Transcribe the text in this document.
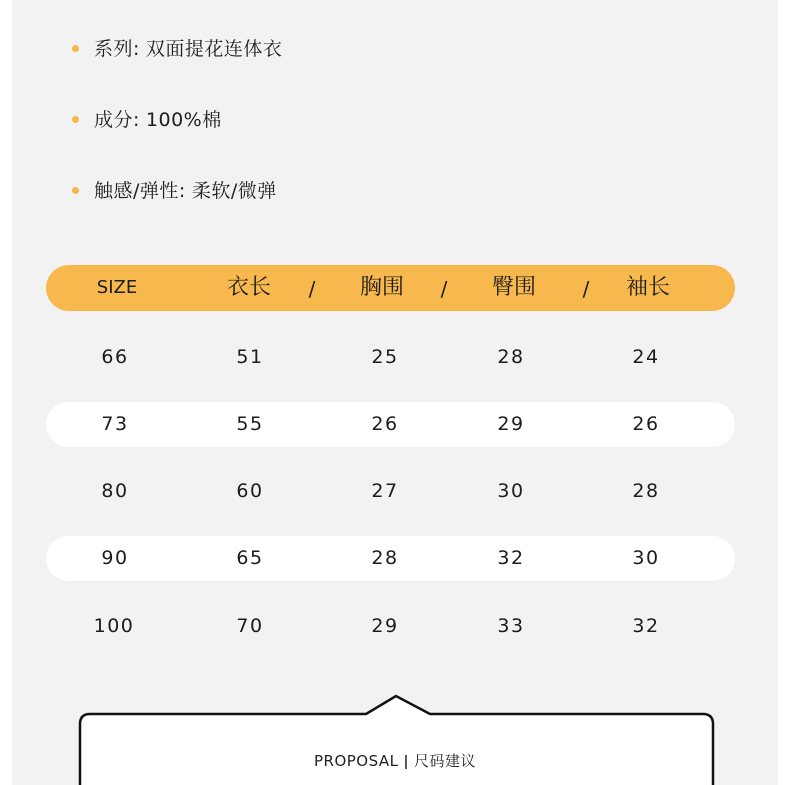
系列: 双面提花连体衣
成分: 100%棉
触感/弹性: 柔软/微弹
SIZE	衣长 / 胸围 / 臀围 / 袖长
66	51	25	28	24
73	55	26	29	26
80	60	27	30	28
90	65	28	32	30
100	70	29	33	32
PROPOSAL ǀ 尺码建议
